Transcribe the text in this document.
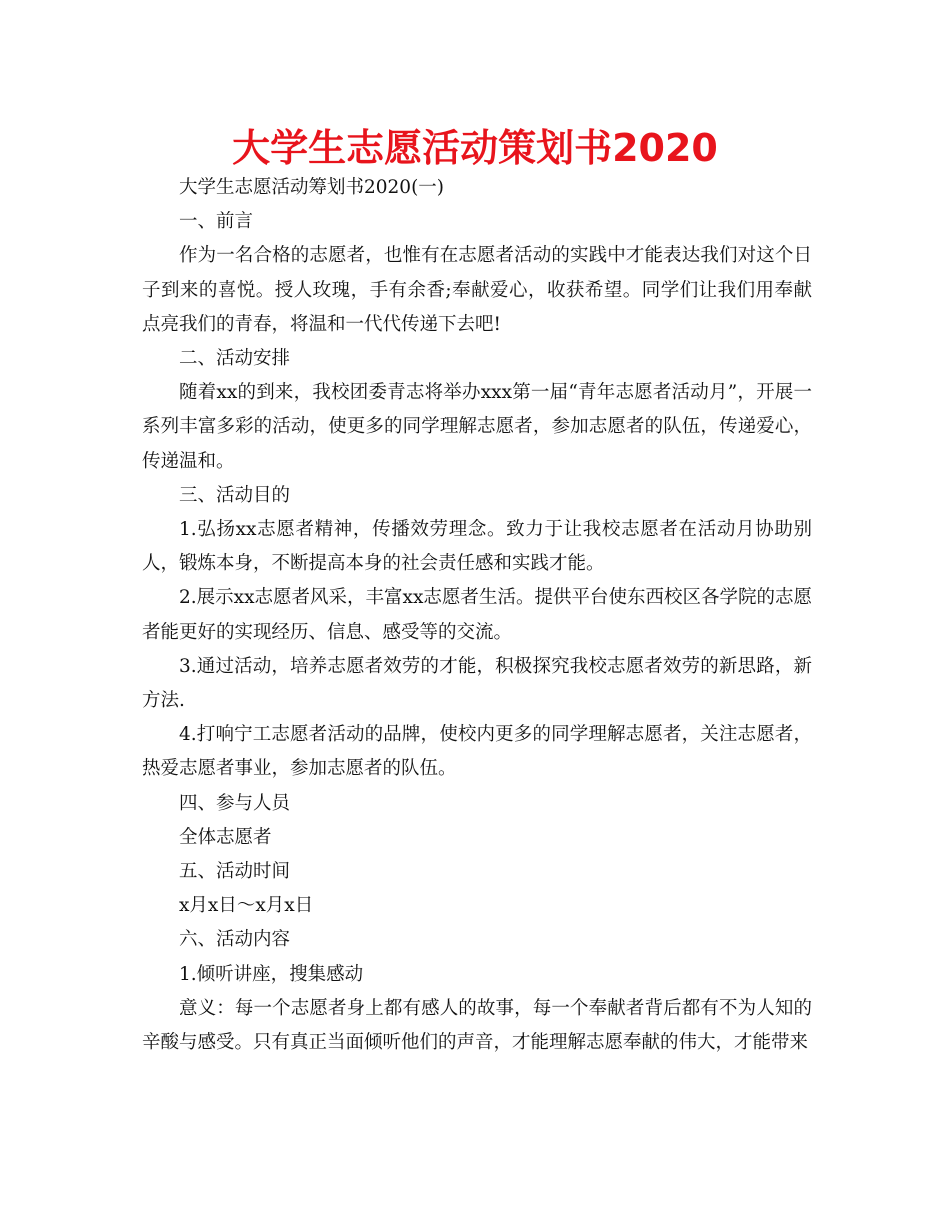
大学生志愿活动策划书2020

大学生志愿活动筹划书2020(一)

一、前言

作为一名合格的志愿者，也惟有在志愿者活动的实践中才能表达我们对这个日子到来的喜悦。授人玫瑰，手有余香;奉献爱心，收获希望。同学们让我们用奉献点亮我们的青春，将温和一代代传递下去吧!

二、活动安排

随着xx的到来，我校团委青志将举办xxx第一届“青年志愿者活动月”，开展一系列丰富多彩的活动，使更多的同学理解志愿者，参加志愿者的队伍，传递爱心，传递温和。

三、活动目的

1.弘扬xx志愿者精神，传播效劳理念。致力于让我校志愿者在活动月协助别人，锻炼本身，不断提高本身的社会责任感和实践才能。

2.展示xx志愿者风采，丰富xx志愿者生活。提供平台使东西校区各学院的志愿者能更好的实现经历、信息、感受等的交流。

3.通过活动，培养志愿者效劳的才能，积极探究我校志愿者效劳的新思路，新方法.

4.打响宁工志愿者活动的品牌，使校内更多的同学理解志愿者，关注志愿者，热爱志愿者事业，参加志愿者的队伍。

四、参与人员

全体志愿者

五、活动时间

x月x日～x月x日

六、活动内容

1.倾听讲座，搜集感动

意义：每一个志愿者身上都有感人的故事，每一个奉献者背后都有不为人知的辛酸与感受。只有真正当面倾听他们的声音，才能理解志愿奉献的伟大，才能带来
